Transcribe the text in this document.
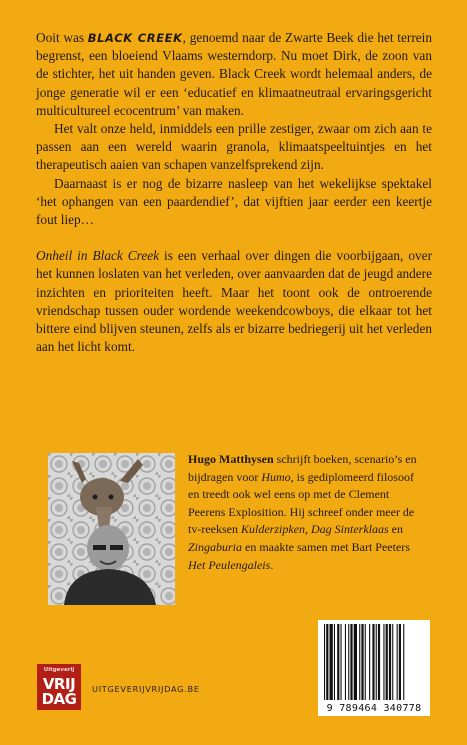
Ooit was BLACK CREEK, genoemd naar de Zwarte Beek die het terrein begrenst, een bloeiend Vlaams westerndorp. Nu moet Dirk, de zoon van de stichter, het uit handen geven. Black Creek wordt helemaal anders, de jonge generatie wil er een ‘educatief en klimaatneutraal ervaringsgericht multicultureel ecocentrum’ van maken.

Het valt onze held, inmiddels een prille zestiger, zwaar om zich aan te passen aan een wereld waarin granola, klimaatspeeltuintjes en het therapeutisch aaien van schapen vanzelfsprekend zijn.

Daarnaast is er nog de bizarre nasleep van het wekelijkse spektakel ‘het ophangen van een paardendief’, dat vijftien jaar eerder een keertje fout liep…

Onheil in Black Creek is een verhaal over dingen die voorbijgaan, over het kunnen loslaten van het verleden, over aanvaarden dat de jeugd andere inzichten en prioriteiten heeft. Maar het toont ook de ontroerende vriendschap tussen ouder wordende weekendcowboys, die elkaar tot het bittere eind blijven steunen, zelfs als er bizarre bedriegerij uit het verleden aan het licht komt.

Hugo Matthysen schrijft boeken, scenario’s en bijdragen voor Humo, is gediplomeerd filosoof en treedt ook wel eens op met de Clement Peerens Explosition. Hij schreef onder meer de tv-reeksen Kulderzipken, Dag Sinterklaas en Zingaburia en maakte samen met Bart Peeters Het Peulengaleis.

Uitgeverij
VRIJ
DAG
UITGEVERIJVRIJDAG.BE
9 789464 340778
